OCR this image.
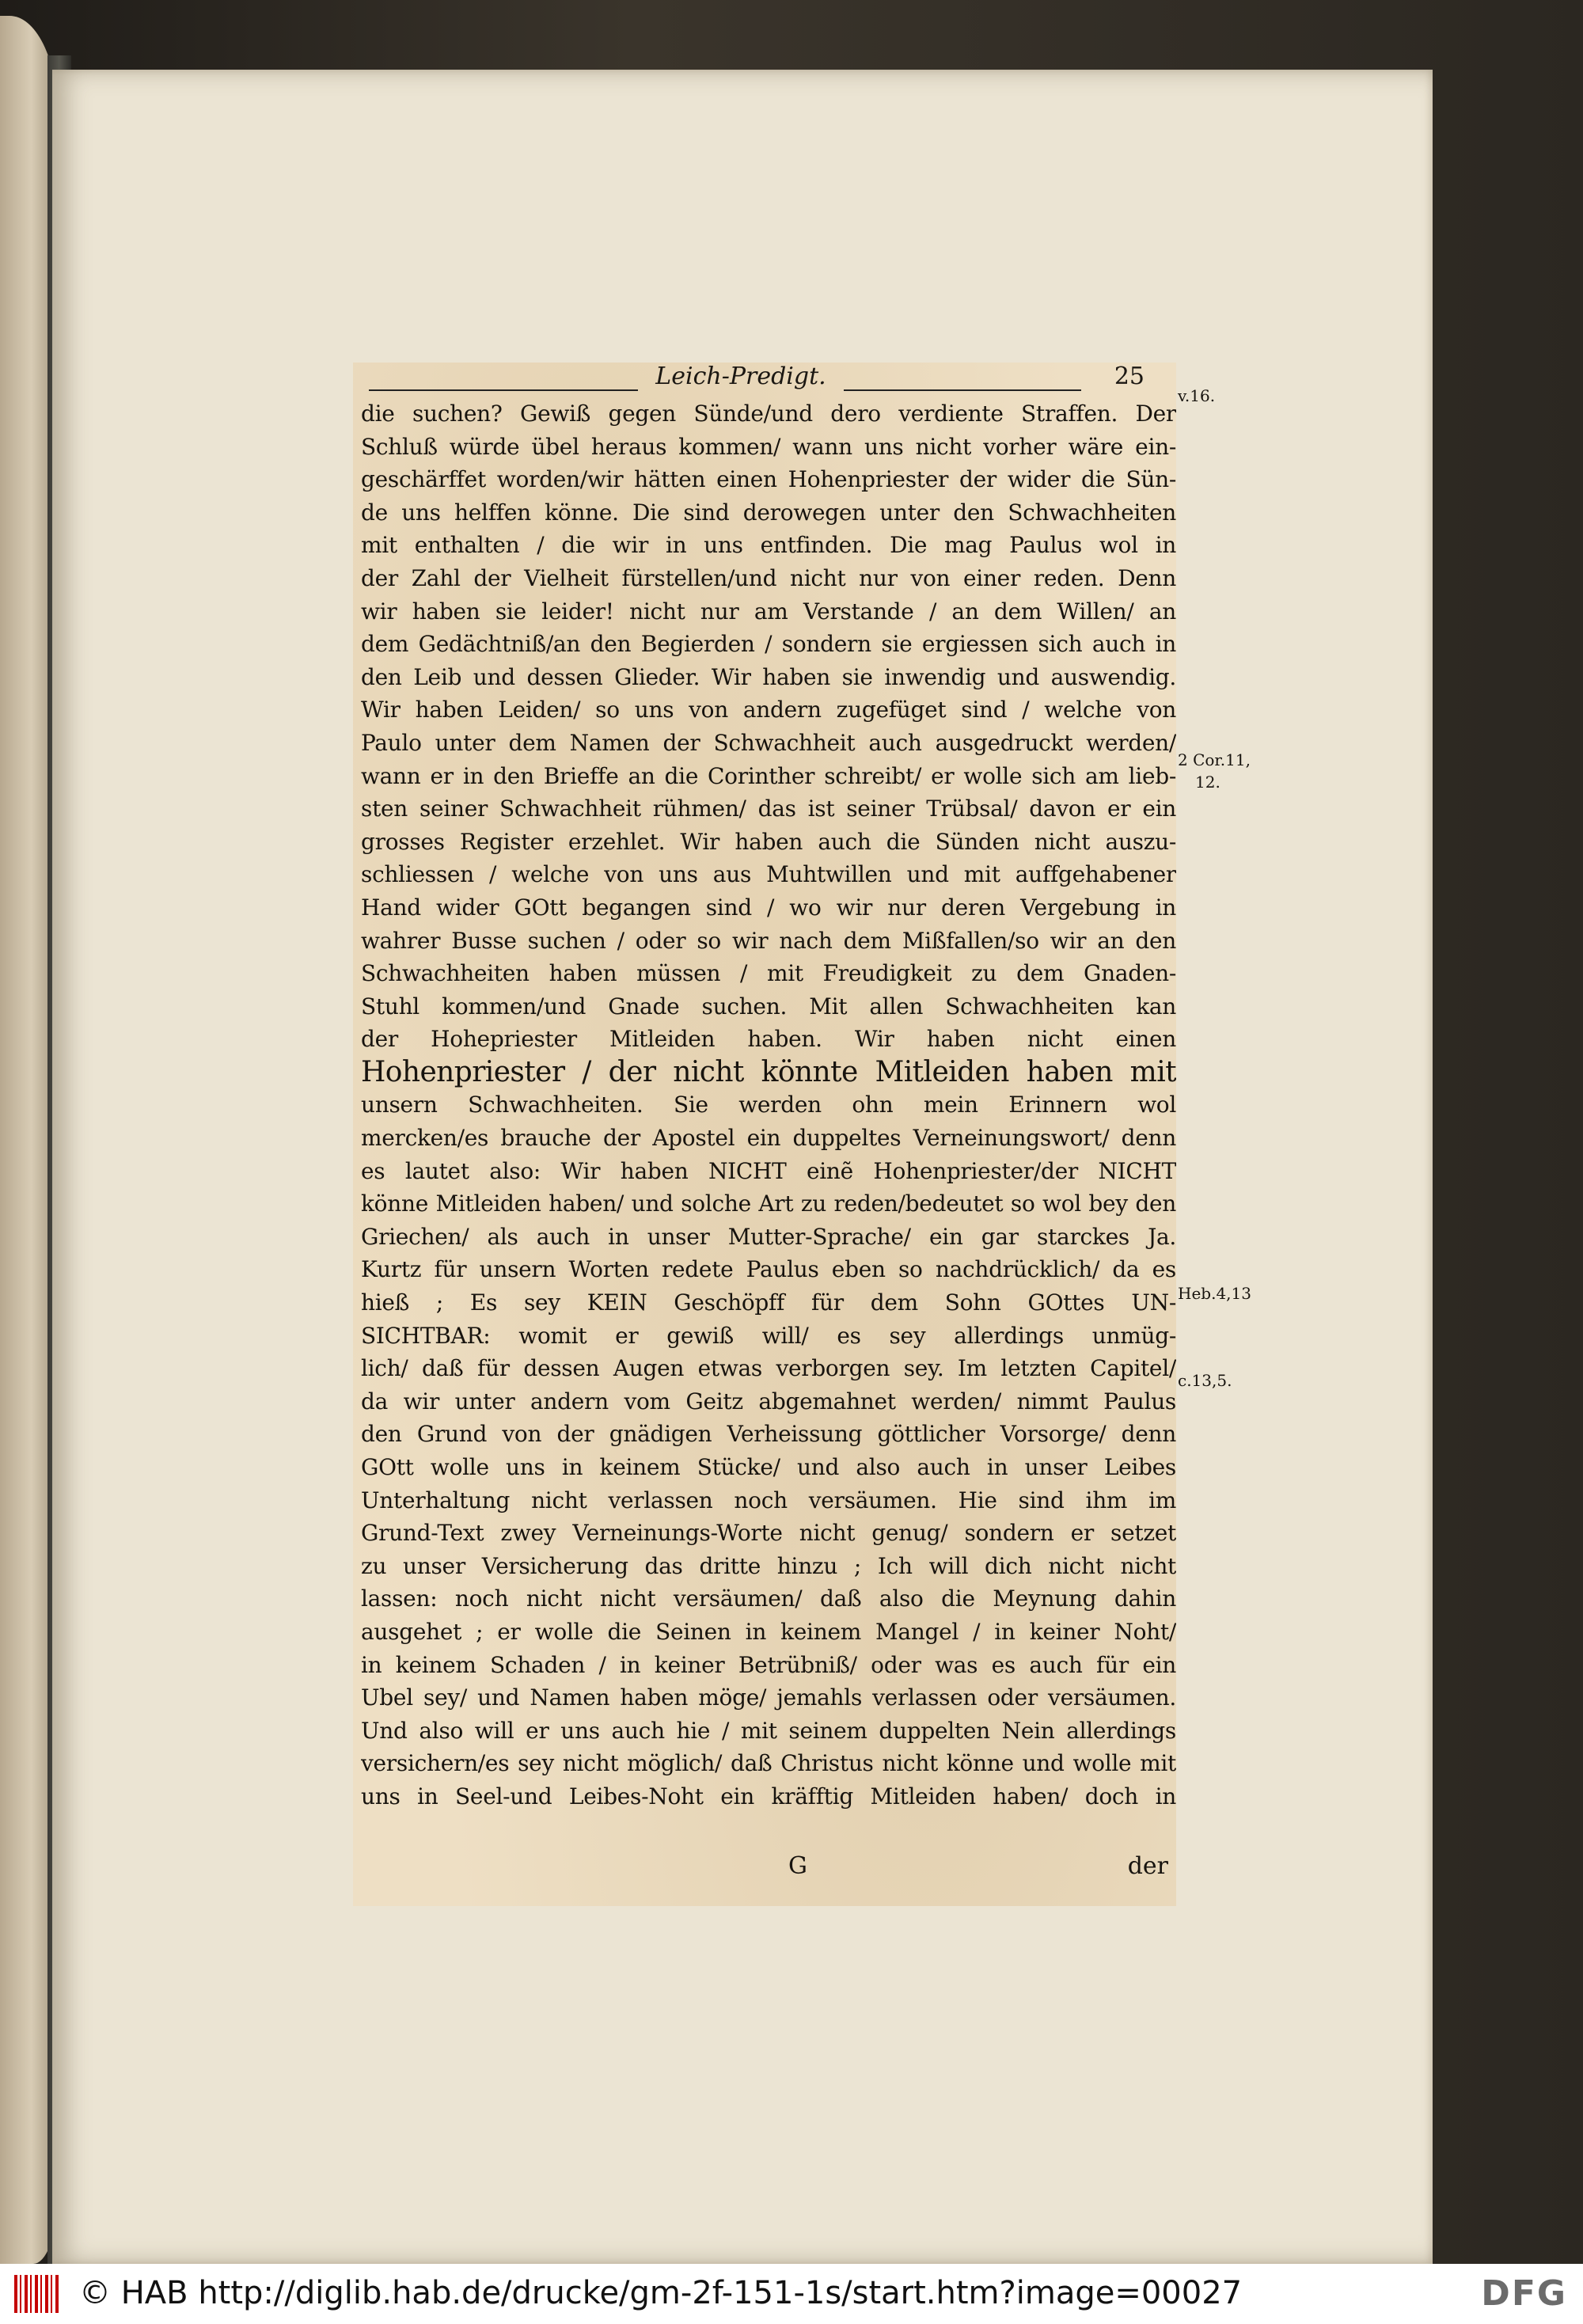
Leich-Predigt.	25
die suchen? Gewiß gegen Sünde/und dero verdiente Straffen. Der
Schluß würde übel heraus kommen/ wann uns nicht vorher wäre ein-
geschärffet worden/wir hätten einen Hohenpriester der wider die Sün-
de uns helffen könne. Die sind derowegen unter den Schwachheiten
mit enthalten / die wir in uns entfinden. Die mag Paulus wol in
der Zahl der Vielheit fürstellen/und nicht nur von einer reden. Denn
wir haben sie leider! nicht nur am Verstande / an dem Willen/ an
dem Gedächtniß/an den Begierden / sondern sie ergiessen sich auch in
den Leib und dessen Glieder. Wir haben sie inwendig und auswendig.
Wir haben Leiden/ so uns von andern zugefüget sind / welche von
Paulo unter dem Namen der Schwachheit auch ausgedruckt werden/
wann er in den Brieffe an die Corinther schreibt/ er wolle sich am lieb-
sten seiner Schwachheit rühmen/ das ist seiner Trübsal/ davon er ein
grosses Register erzehlet. Wir haben auch die Sünden nicht auszu-
schliessen / welche von uns aus Muhtwillen und mit auffgehabener
Hand wider GOtt begangen sind / wo wir nur deren Vergebung in
wahrer Busse suchen / oder so wir nach dem Mißfallen/so wir an den
Schwachheiten haben müssen / mit Freudigkeit zu dem Gnaden-
Stuhl kommen/und Gnade suchen. Mit allen Schwachheiten kan
der Hohepriester Mitleiden haben. Wir haben nicht einen
Hohenpriester / der nicht könnte Mitleiden haben mit
unsern Schwachheiten. Sie werden ohn mein Erinnern wol
mercken/es brauche der Apostel ein duppeltes Verneinungswort/ denn
es lautet also: Wir haben NICHT einẽ Hohenpriester/der NICHT
könne Mitleiden haben/ und solche Art zu reden/bedeutet so wol bey den
Griechen/ als auch in unser Mutter-Sprache/ ein gar starckes Ja.
Kurtz für unsern Worten redete Paulus eben so nachdrücklich/ da es
hieß ; Es sey KEIN Geschöpff für dem Sohn GOttes UN-
SICHTBAR: womit er gewiß will/ es sey allerdings unmüg-
lich/ daß für dessen Augen etwas verborgen sey. Im letzten Capitel/
da wir unter andern vom Geitz abgemahnet werden/ nimmt Paulus
den Grund von der gnädigen Verheissung göttlicher Vorsorge/ denn
GOtt wolle uns in keinem Stücke/ und also auch in unser Leibes
Unterhaltung nicht verlassen noch versäumen. Hie sind ihm im
Grund-Text zwey Verneinungs-Worte nicht genug/ sondern er setzet
zu unser Versicherung das dritte hinzu ; Ich will dich nicht nicht
lassen: noch nicht nicht versäumen/ daß also die Meynung dahin
ausgehet ; er wolle die Seinen in keinem Mangel / in keiner Noht/
in keinem Schaden / in keiner Betrübniß/ oder was es auch für ein
Ubel sey/ und Namen haben möge/ jemahls verlassen oder versäumen.
Und also will er uns auch hie / mit seinem duppelten Nein allerdings
versichern/es sey nicht möglich/ daß Christus nicht könne und wolle mit
uns in Seel-und Leibes-Noht ein kräfftig Mitleiden haben/ doch in
G	der
v.16.
2 Cor.11,
12.
Heb.4,13
c.13,5.
© HAB http://diglib.hab.de/drucke/gm-2f-151-1s/start.htm?image=00027	DFG
